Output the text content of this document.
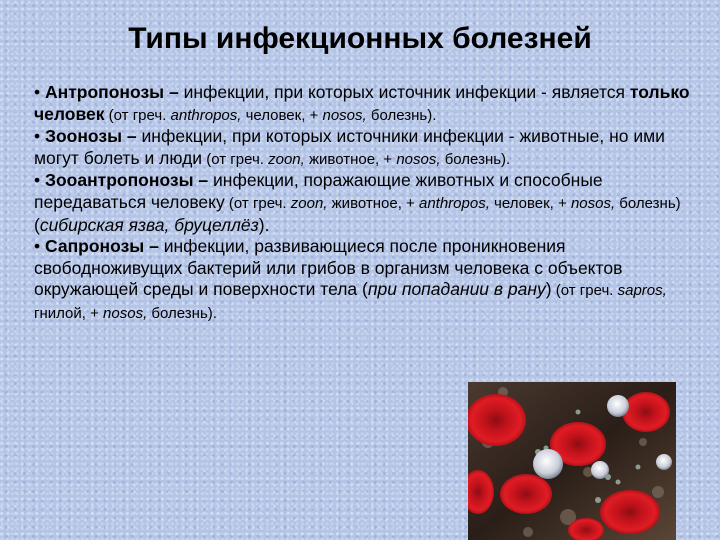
Типы инфекционных болезней

• Антропонозы – инфекции, при которых источник инфекции - является только человек (от греч. anthropos, человек, + nosos, болезнь).

• Зоонозы – инфекции, при которых источники инфекции - животные, но ими могут болеть и люди (от греч. zoon, животное, + nosos, болезнь).

• Зооантропонозы – инфекции, поражающие животных и способные передаваться человеку (от греч. zoon, животное, + anthropos, человек, + nosos, болезнь) (сибирская язва, бруцеллёз).

• Сапронозы – инфекции, развивающиеся после проникновения свободноживущих бактерий или грибов в организм человека с объектов окружающей среды и поверхности тела (при попадании в рану) (от греч. sapros, гнилой, + nosos, болезнь).
